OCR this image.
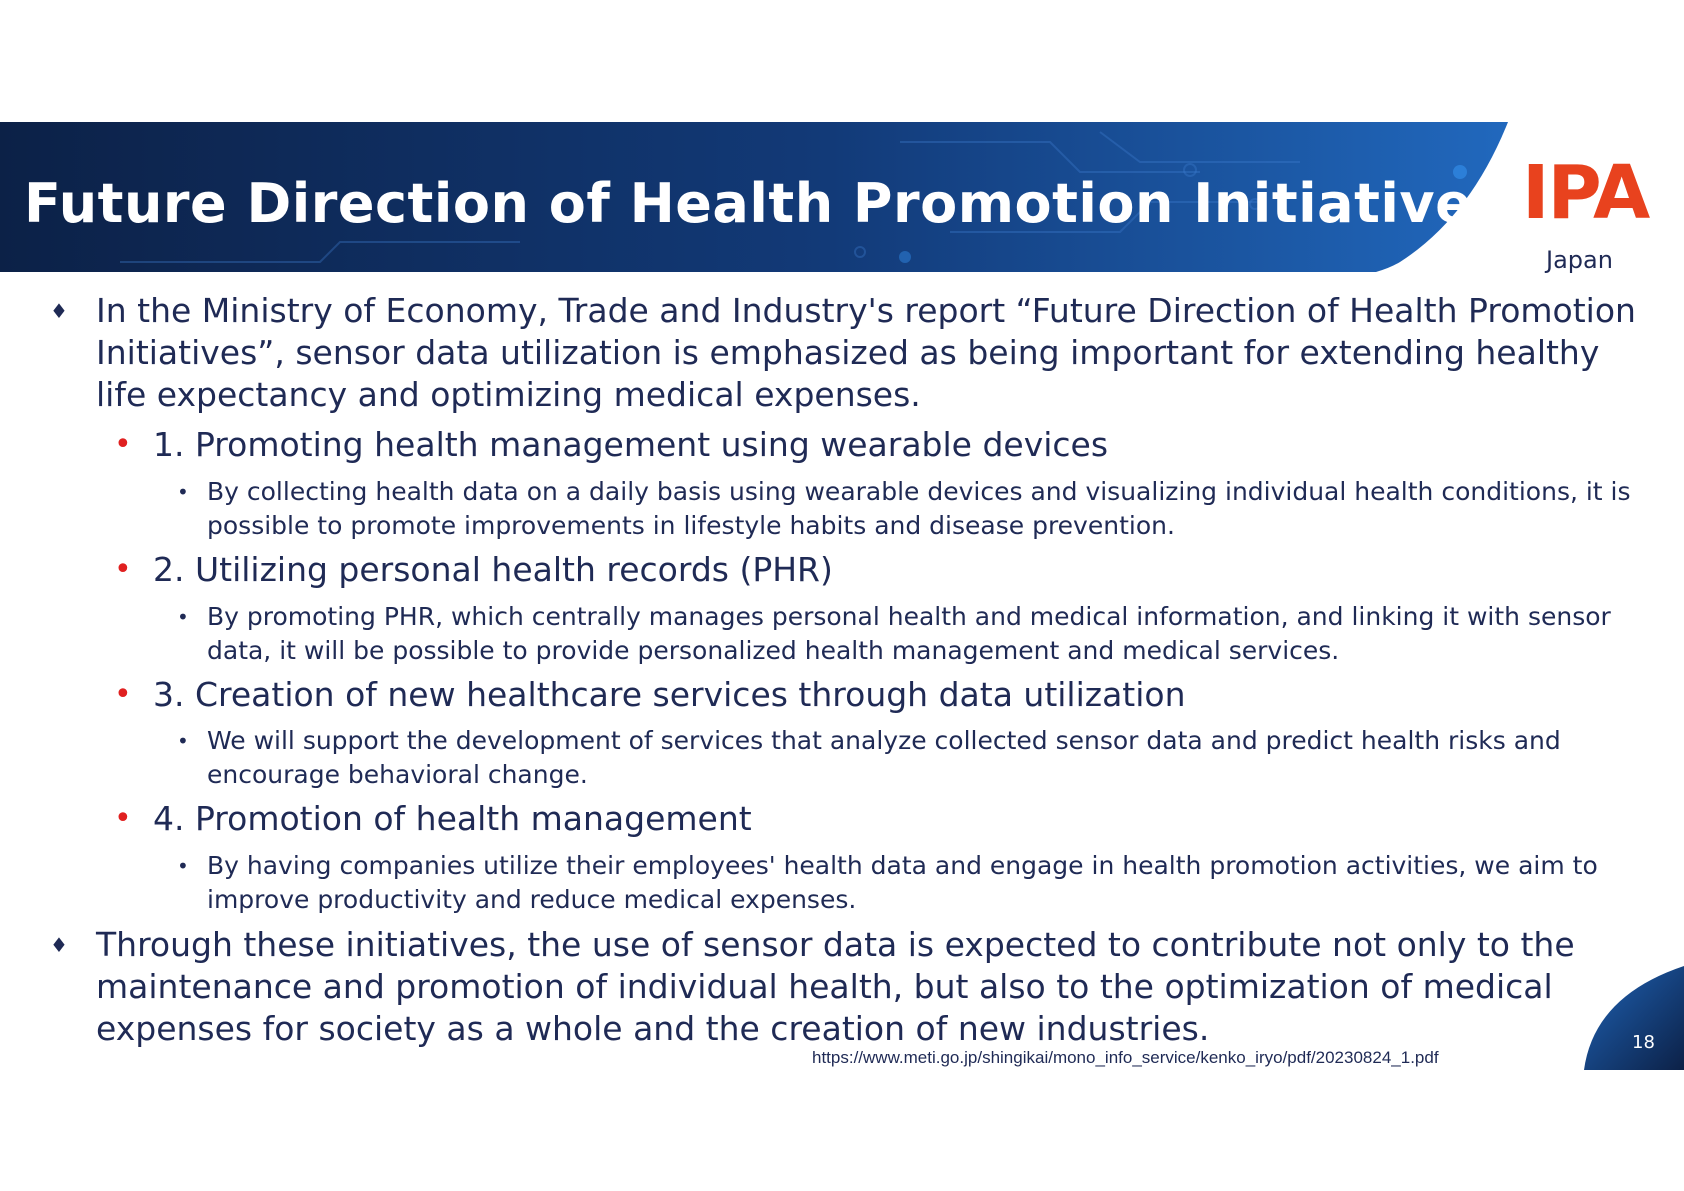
Future Direction of Health Promotion Initiatives IPA
Japan
♦ In the Ministry of Economy, Trade and Industry's report “Future Direction of Health Promotion Initiatives”, sensor data utilization is emphasized as being important for extending healthy life expectancy and optimizing medical expenses.
• 1. Promoting health management using wearable devices
• By collecting health data on a daily basis using wearable devices and visualizing individual health conditions, it is possible to promote improvements in lifestyle habits and disease prevention.
• 2. Utilizing personal health records (PHR)
• By promoting PHR, which centrally manages personal health and medical information, and linking it with sensor data, it will be possible to provide personalized health management and medical services.
• 3. Creation of new healthcare services through data utilization
• We will support the development of services that analyze collected sensor data and predict health risks and encourage behavioral change.
• 4. Promotion of health management
• By having companies utilize their employees' health data and engage in health promotion activities, we aim to improve productivity and reduce medical expenses.
♦ Through these initiatives, the use of sensor data is expected to contribute not only to the maintenance and promotion of individual health, but also to the optimization of medical expenses for society as a whole and the creation of new industries.
https://www.meti.go.jp/shingikai/mono_info_service/kenko_iryo/pdf/20230824_1.pdf
18
